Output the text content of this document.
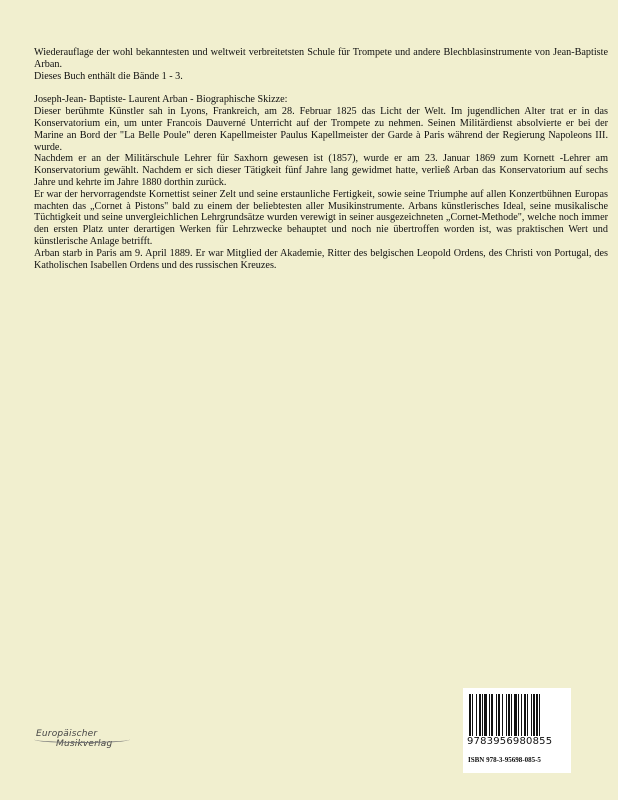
Wiederauflage der wohl bekanntesten und weltweit verbreitetsten Schule für Trompete und andere Blechblasinstrumente von Jean-Baptiste Arban.

Dieses Buch enthält die Bände 1 - 3.

Joseph-Jean- Baptiste- Laurent Arban - Biographische Skizze:

Dieser berühmte Künstler sah in Lyons, Frankreich, am 28. Februar 1825 das Licht der Welt. Im jugendlichen Alter trat er in das Konservatorium ein, um unter Francois Dauverné Unterricht auf der Trompete zu nehmen. Seinen Militärdienst absolvierte er bei der Marine an Bord der "La Belle Poule" deren Kapellmeister Paulus Kapellmeister der Garde à Paris während der Regierung Napoleons III. wurde.

Nachdem er an der Militärschule Lehrer für Saxhorn gewesen ist (1857), wurde er am 23. Januar 1869 zum Kornett -Lehrer am Konservatorium gewählt. Nachdem er sich dieser Tätigkeit fünf Jahre lang gewidmet hatte, verließ Arban das Konservatorium auf sechs Jahre und kehrte im Jahre 1880 dorthin zurück.

Er war der hervorragendste Kornettist seiner Zelt und seine erstaunliche Fertigkeit, sowie seine Triumphe auf allen Konzertbühnen Europas machten das „Cornet à Pistons" bald zu einem der beliebtesten aller Musikinstrumente. Arbans künstlerisches Ideal, seine musikalische Tüchtigkeit und seine unvergleichlichen Lehrgrundsätze wurden verewigt in seiner ausgezeichneten „Cornet-Methode", welche noch immer den ersten Platz unter derartigen Werken für Lehrzwecke behauptet und noch nie übertroffen worden ist, was praktischen Wert und künstlerische Anlage betrifft.

Arban starb in Paris am 9. April 1889. Er war Mitglied der Akademie, Ritter des belgischen Leopold Ordens, des Christi von Portugal, des Katholischen Isabellen Ordens und des russischen Kreuzes.

Europäischer
Musikverlag	9783956980855
ISBN 978-3-95698-085-5
